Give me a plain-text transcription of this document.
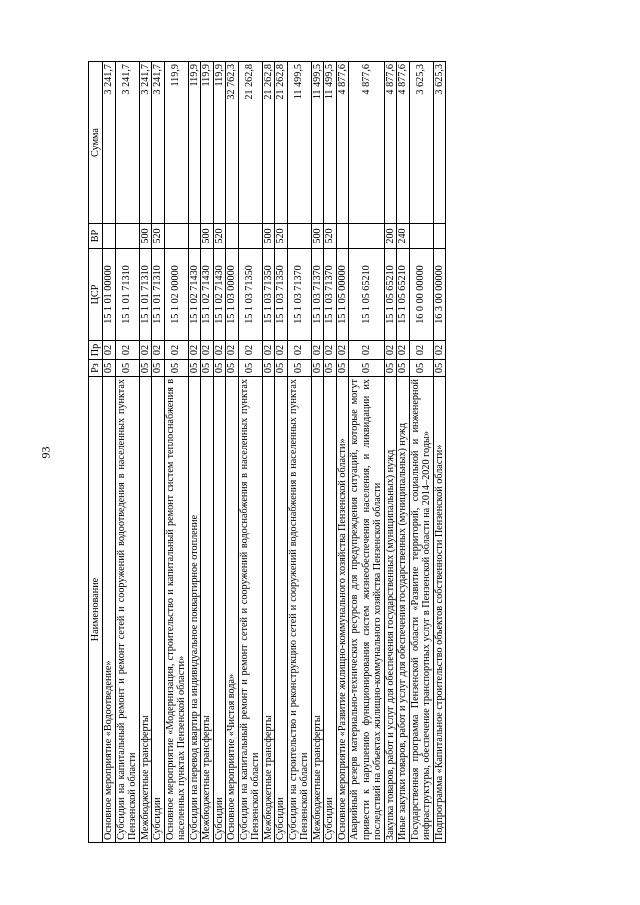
93
Наименование	Рз	Пр	ЦСР	ВР	Сумма
Основное мероприятие «Водоотведение»	05	02	15 1 01 00000		3 241,7
Субсидии на капитальный ремонт и ремонт сетей и сооружений водоотведения в населенных пунктах Пензенской области	05	02	15 1 01 71310		3 241,7
Межбюджетные трансферты	05	02	15 1 01 71310	500	3 241,7
Субсидии	05	02	15 1 01 71310	520	3 241,7
Основное мероприятие «Модернизация, строительство и капитальный ремонт систем теплоснабжения в населенных пунктах Пензенской области»	05	02	15 1 02 00000		119,9
Субсидии на перевод квартир на индивидуальное поквартирное отопление	05	02	15 1 02 71430		119,9
Межбюджетные трансферты	05	02	15 1 02 71430	500	119,9
Субсидии	05	02	15 1 02 71430	520	119,9
Основное мероприятие «Чистая вода»	05	02	15 1 03 00000		32 762,3
Субсидии на капитальный ремонт и ремонт сетей и сооружений водоснабжения в населенных пунктах Пензенской области	05	02	15 1 03 71350		21 262,8
Межбюджетные трансферты	05	02	15 1 03 71350	500	21 262,8
Субсидии	05	02	15 1 03 71350	520	21 262,8
Субсидии на строительство и реконструкцию сетей и сооружений водоснабжения в населенных пунктах Пензенской области	05	02	15 1 03 71370		11 499,5
Межбюджетные трансферты	05	02	15 1 03 71370	500	11 499,5
Субсидии	05	02	15 1 03 71370	520	11 499,5
Основное мероприятие «Развитие жилищно-коммунального хозяйства Пензенской области»	05	02	15 1 05 00000		4 877,6
Аварийный резерв материально-технических ресурсов для предупреждения ситуаций, которые могут привести к нарушению функционирования систем жизнеобеспечения населения, и ликвидации их последствий на объектах жилищно-коммунального хозяйства Пензенской области	05	02	15 1 05 65210		4 877,6
Закупка товаров, работ и услуг для обеспечения государственных (муниципальных) нужд	05	02	15 1 05 65210	200	4 877,6
Иные закупки товаров, работ и услуг для обеспечения государственных (муниципальных) нужд	05	02	15 1 05 65210	240	4 877,6
Государственная программа Пензенской области «Развитие территорий, социальной и инженерной инфраструктуры, обеспечение транспортных услуг в Пензенской области на 2014–2020 годы»	05	02	16 0 00 00000		3 625,3
Подпрограмма «Капитальное строительство объектов собственности Пензенской области»	05	02	16 3 00 00000		3 625,3
